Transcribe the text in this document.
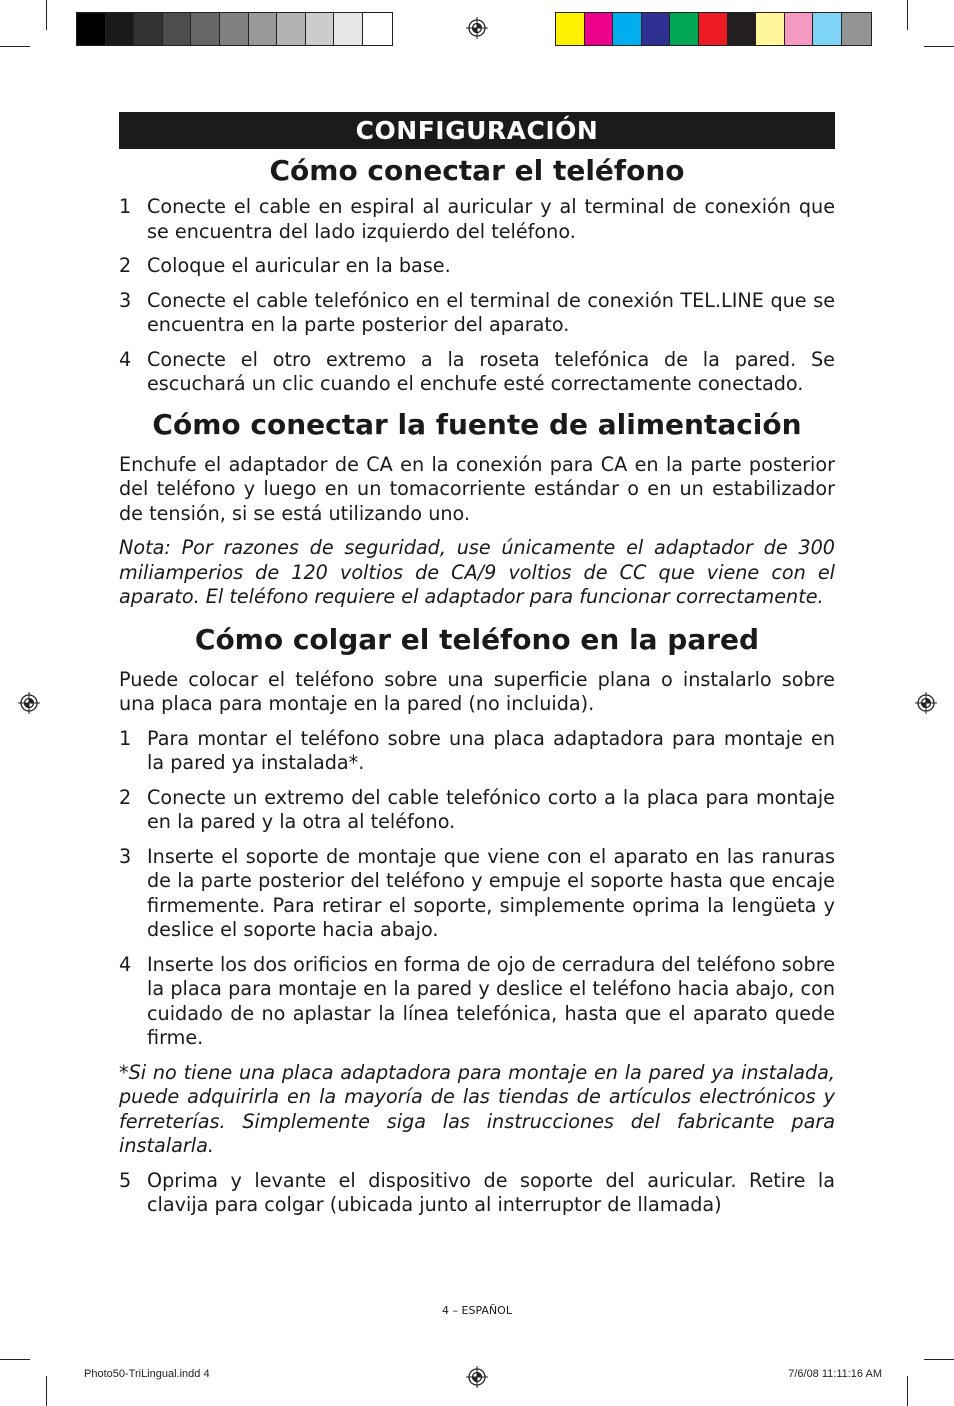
CONFIGURACIÓN
Cómo conectar el teléfono

1 Conecte el cable en espiral al auricular y al terminal de conexión que se encuentra del lado izquierdo del teléfono.

2 Coloque el auricular en la base.

3 Conecte el cable telefónico en el terminal de conexión TEL.LINE que se encuentra en la parte posterior del aparato.

4 Conecte el otro extremo a la roseta telefónica de la pared. Se escuchará un clic cuando el enchufe esté correctamente conectado.

Cómo conectar la fuente de alimentación

Enchufe el adaptador de CA en la conexión para CA en la parte posterior del teléfono y luego en un tomacorriente estándar o en un estabilizador de tensión, si se está utilizando uno.

Nota: Por razones de seguridad, use únicamente el adaptador de 300 miliamperios de 120 voltios de CA/9 voltios de CC que viene con el aparato. El teléfono requiere el adaptador para funcionar correctamente.

Cómo colgar el teléfono en la pared

Puede colocar el teléfono sobre una superficie plana o instalarlo sobre una placa para montaje en la pared (no incluida).

1 Para montar el teléfono sobre una placa adaptadora para montaje en la pared ya instalada*.

2 Conecte un extremo del cable telefónico corto a la placa para montaje en la pared y la otra al teléfono.

3 Inserte el soporte de montaje que viene con el aparato en las ranuras de la parte posterior del teléfono y empuje el soporte hasta que encaje firmemente. Para retirar el soporte, simplemente oprima la lengüeta y deslice el soporte hacia abajo.

4 Inserte los dos orificios en forma de ojo de cerradura del teléfono sobre la placa para montaje en la pared y deslice el teléfono hacia abajo, con cuidado de no aplastar la línea telefónica, hasta que el aparato quede firme.

*Si no tiene una placa adaptadora para montaje en la pared ya instalada, puede adquirirla en la mayoría de las tiendas de artículos electrónicos y ferreterías. Simplemente siga las instrucciones del fabricante para instalarla.

5 Oprima y levante el dispositivo de soporte del auricular. Retire la clavija para colgar (ubicada junto al interruptor de llamada)

4 – ESPAÑOL
Photo50-TriLingual.indd 4	7/6/08 11:11:16 AM
